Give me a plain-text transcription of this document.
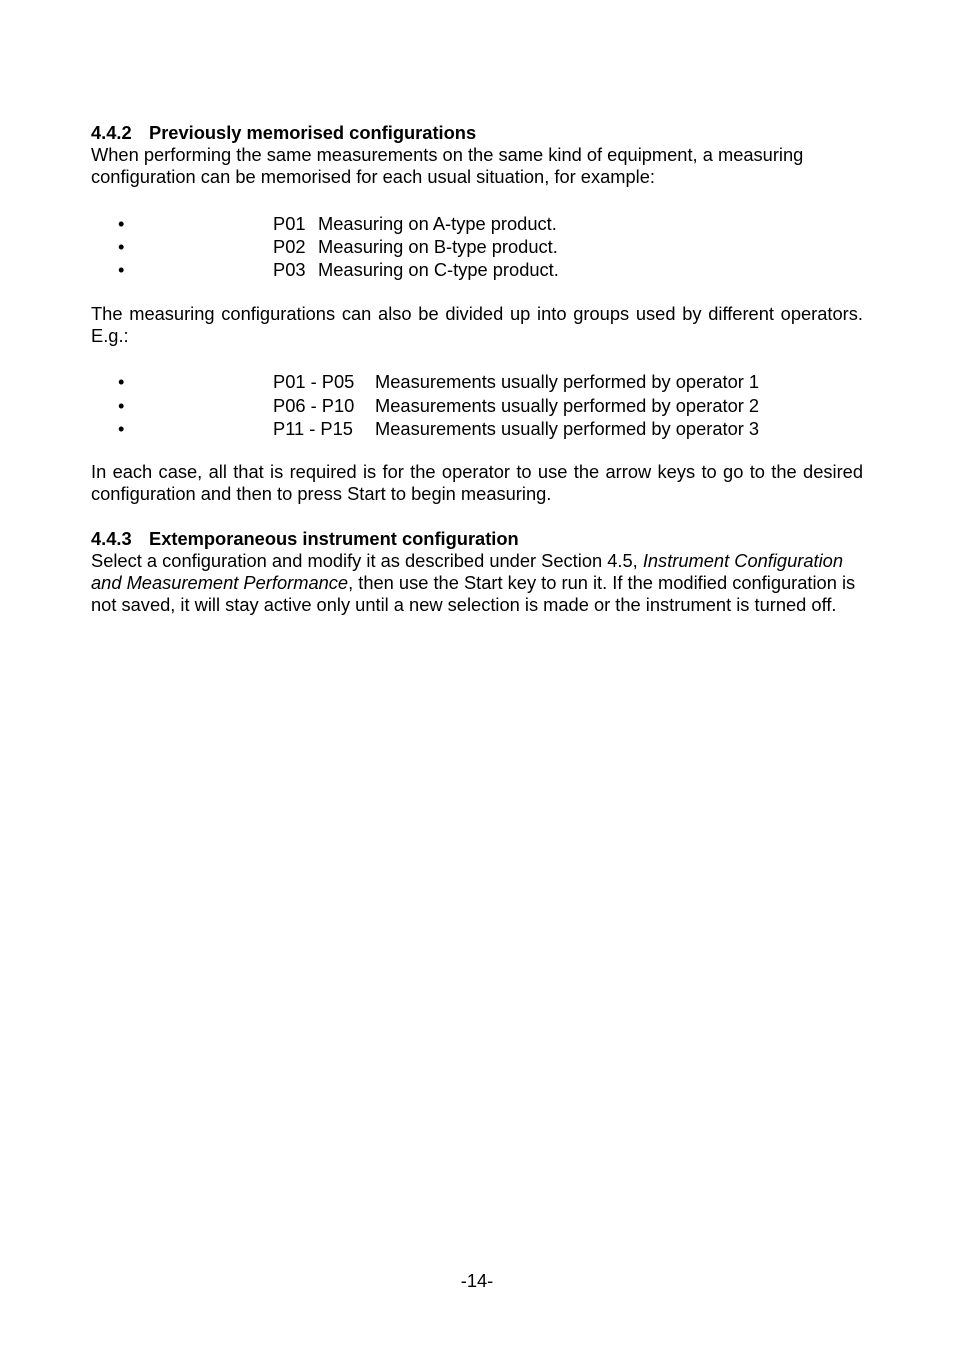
4.4.2 Previously memorised configurations
When performing the same measurements on the same kind of equipment, a measuring configuration can be memorised for each usual situation, for example:
•	P01 Measuring on A-type product.
•	P02 Measuring on B-type product.
•	P03 Measuring on C-type product.
The measuring configurations can also be divided up into groups used by different operators. E.g.:
•	P01 - P05 Measurements usually performed by operator 1
•	P06 - P10 Measurements usually performed by operator 2
•	P11 - P15 Measurements usually performed by operator 3
In each case, all that is required is for the operator to use the arrow keys to go to the desired configuration and then to press Start to begin measuring.
4.4.3 Extemporaneous instrument configuration
Select a configuration and modify it as described under Section 4.5, Instrument Configuration and Measurement Performance, then use the Start key to run it. If the modified configuration is not saved, it will stay active only until a new selection is made or the instrument is turned off.
-14-
